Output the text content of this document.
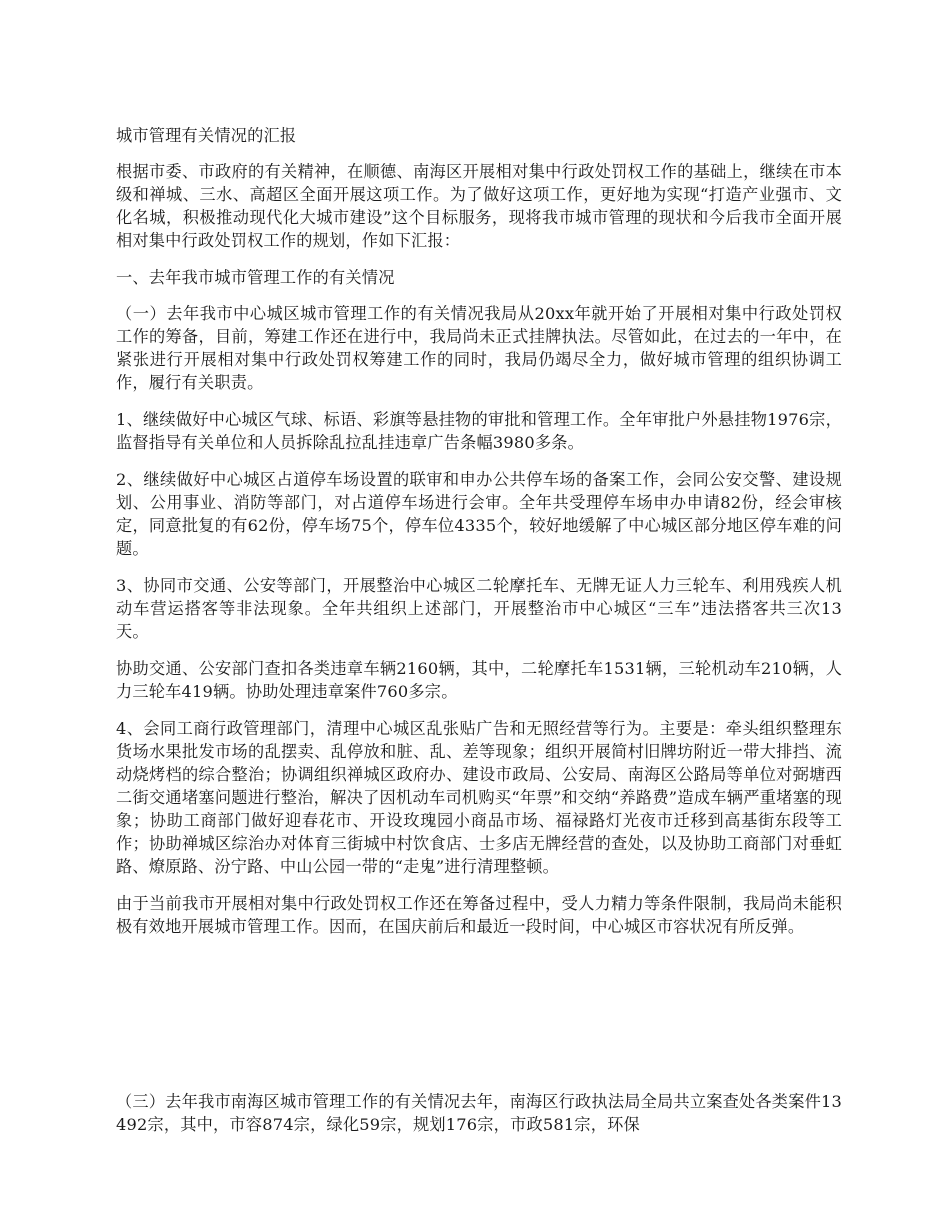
城市管理有关情况的汇报

根据市委、市政府的有关精神，在顺德、南海区开展相对集中行政处罚权工作的基础上，继续在市本级和禅城、三水、高超区全面开展这项工作。为了做好这项工作，更好地为实现“打造产业强市、文化名城，积极推动现代化大城市建设”这个目标服务，现将我市城市管理的现状和今后我市全面开展相对集中行政处罚权工作的规划，作如下汇报：

一、去年我市城市管理工作的有关情况

（一）去年我市中心城区城市管理工作的有关情况我局从20xx年就开始了开展相对集中行政处罚权工作的筹备，目前，筹建工作还在进行中，我局尚未正式挂牌执法。尽管如此，在过去的一年中，在紧张进行开展相对集中行政处罚权筹建工作的同时，我局仍竭尽全力，做好城市管理的组织协调工作，履行有关职责。

1、继续做好中心城区气球、标语、彩旗等悬挂物的审批和管理工作。全年审批户外悬挂物1976宗，监督指导有关单位和人员拆除乱拉乱挂违章广告条幅3980多条。

2、继续做好中心城区占道停车场设置的联审和申办公共停车场的备案工作，会同公安交警、建设规划、公用事业、消防等部门，对占道停车场进行会审。全年共受理停车场申办申请82份，经会审核定，同意批复的有62份，停车场75个，停车位4335个，较好地缓解了中心城区部分地区停车难的问题。

3、协同市交通、公安等部门，开展整治中心城区二轮摩托车、无牌无证人力三轮车、利用残疾人机动车营运搭客等非法现象。全年共组织上述部门，开展整治市中心城区“三车”违法搭客共三次13天。

协助交通、公安部门查扣各类违章车辆2160辆，其中，二轮摩托车1531辆，三轮机动车210辆，人力三轮车419辆。协助处理违章案件760多宗。

4、会同工商行政管理部门，清理中心城区乱张贴广告和无照经营等行为。主要是：牵头组织整理东货场水果批发市场的乱摆卖、乱停放和脏、乱、差等现象；组织开展简村旧牌坊附近一带大排挡、流动烧烤档的综合整治；协调组织禅城区政府办、建设市政局、公安局、南海区公路局等单位对弼塘西二街交通堵塞问题进行整治，解决了因机动车司机购买“年票”和交纳“养路费”造成车辆严重堵塞的现象；协助工商部门做好迎春花市、开设玫瑰园小商品市场、福禄路灯光夜市迁移到高基街东段等工作；协助禅城区综治办对体育三街城中村饮食店、士多店无牌经营的查处，以及协助工商部门对垂虹路、燎原路、汾宁路、中山公园一带的“走鬼”进行清理整顿。

由于当前我市开展相对集中行政处罚权工作还在筹备过程中，受人力精力等条件限制，我局尚未能积极有效地开展城市管理工作。因而，在国庆前后和最近一段时间，中心城区市容状况有所反弹。

（三）去年我市南海区城市管理工作的有关情况去年，南海区行政执法局全局共立案查处各类案件13492宗，其中，市容874宗，绿化59宗，规划176宗，市政581宗，环保
